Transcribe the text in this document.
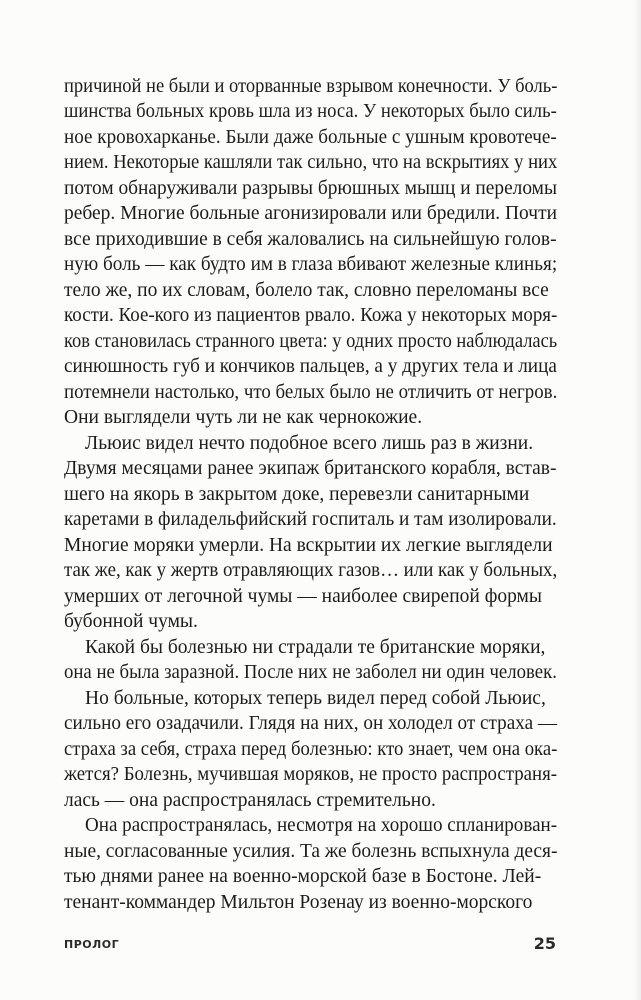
причиной не были и оторванные взрывом конечности. У боль-
шинства больных кровь шла из носа. У некоторых было силь-
ное кровохарканье. Были даже больные с ушным кровотече-
нием. Некоторые кашляли так сильно, что на вскрытиях у них
потом обнаруживали разрывы брюшных мышц и переломы
ребер. Многие больные агонизировали или бредили. Почти
все приходившие в себя жаловались на сильнейшую голов-
ную боль — как будто им в глаза вбивают железные клинья;
тело же, по их словам, болело так, словно переломаны все
кости. Кое-кого из пациентов рвало. Кожа у некоторых моря-
ков становилась странного цвета: у одних просто наблюдалась
синюшность губ и кончиков пальцев, а у других тела и лица
потемнели настолько, что белых было не отличить от негров.
Они выглядели чуть ли не как чернокожие.
Льюис видел нечто подобное всего лишь раз в жизни.
Двумя месяцами ранее экипаж британского корабля, встав-
шего на якорь в закрытом доке, перевезли санитарными
каретами в филадельфийский госпиталь и там изолировали.
Многие моряки умерли. На вскрытии их легкие выглядели
так же, как у жертв отравляющих газов… или как у больных,
умерших от легочной чумы — наиболее свирепой формы
бубонной чумы.
Какой бы болезнью ни страдали те британские моряки,
она не была заразной. После них не заболел ни один человек.
Но больные, которых теперь видел перед собой Льюис,
сильно его озадачили. Глядя на них, он холодел от страха —
страха за себя, страха перед болезнью: кто знает, чем она ока-
жется? Болезнь, мучившая моряков, не просто распространя-
лась — она распространялась стремительно.
Она распространялась, несмотря на хорошо спланирован-
ные, согласованные усилия. Та же болезнь вспыхнула деся-
тью днями ранее на военно-морской базе в Бостоне. Лей-
тенант-коммандер Мильтон Розенау из военно-морского
ПРОЛОГ	25
